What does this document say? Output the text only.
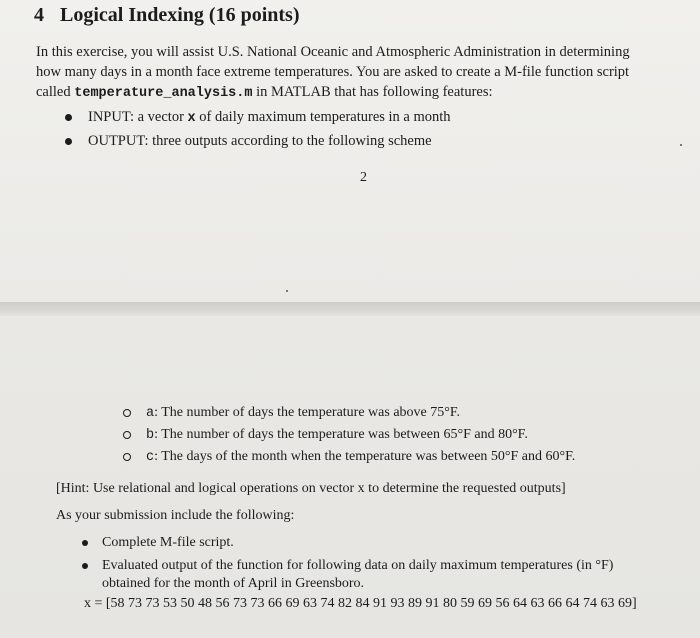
4 Logical Indexing (16 points)
In this exercise, you will assist U.S. National Oceanic and Atmospheric Administration in determining
how many days in a month face extreme temperatures. You are asked to create a M-file function script
called temperature_analysis.m in MATLAB that has following features:
INPUT: a vector x of daily maximum temperatures in a month
OUTPUT: three outputs according to the following scheme
2
a: The number of days the temperature was above 75°F.
b: The number of days the temperature was between 65°F and 80°F.
c: The days of the month when the temperature was between 50°F and 60°F.
[Hint: Use relational and logical operations on vector x to determine the requested outputs]
As your submission include the following:
Complete M-file script.
Evaluated output of the function for following data on daily maximum temperatures (in °F)
obtained for the month of April in Greensboro.
x = [58 73 73 53 50 48 56 73 73 66 69 63 74 82 84 91 93 89 91 80 59 69 56 64 63 66 64 74 63 69]
